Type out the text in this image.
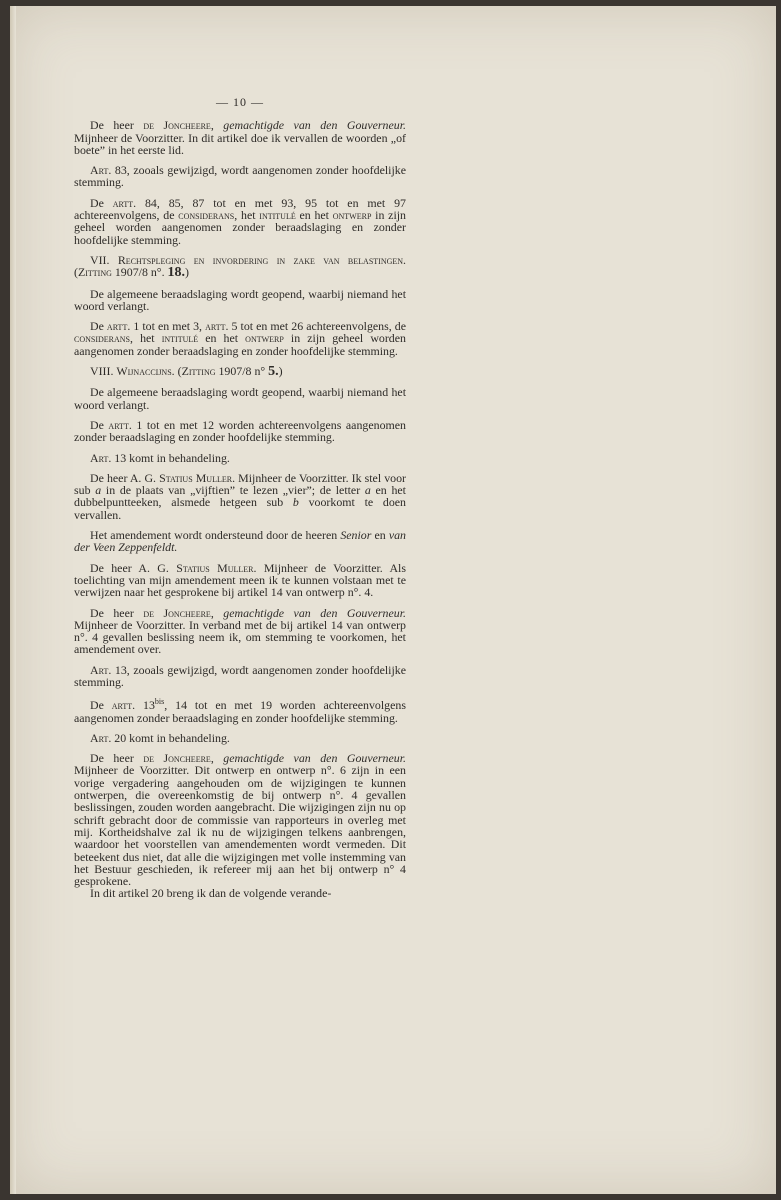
— 10 —

De heer de Joncheere, gemachtigde van den Gouverneur. Mijnheer de Voorzitter. In dit artikel doe ik vervallen de woorden „of boete” in het eerste lid.

Art. 83, zooals gewijzigd, wordt aangenomen zonder hoofdelijke stemming.

De artt. 84, 85, 87 tot en met 93, 95 tot en met 97 achtereenvolgens, de considerans, het intitulé en het ontwerp in zijn geheel worden aangenomen zonder beraadslaging en zonder hoofdelijke stemming.

VII. Rechtspleging en invordering in zake van belastingen. (Zitting 1907/8 n°. 18.)

De algemeene beraadslaging wordt geopend, waarbij niemand het woord verlangt.

De artt. 1 tot en met 3, artt. 5 tot en met 26 achtereenvolgens, de considerans, het intitulé en het ontwerp in zijn geheel worden aangenomen zonder beraadslaging en zonder hoofdelijke stemming.

VIII. Wijnaccijns. (Zitting 1907/8 n° 5.)

De algemeene beraadslaging wordt geopend, waarbij niemand het woord verlangt.

De artt. 1 tot en met 12 worden achtereenvolgens aangenomen zonder beraadslaging en zonder hoofdelijke stemming.

Art. 13 komt in behandeling.

De heer A. G. Statius Muller. Mijnheer de Voorzitter. Ik stel voor sub a in de plaats van „vijftien” te lezen „vier”; de letter a en het dubbelpuntteeken, alsmede hetgeen sub b voorkomt te doen vervallen.

Het amendement wordt ondersteund door de heeren Senior en van der Veen Zeppenfeldt.

De heer A. G. Statius Muller. Mijnheer de Voorzitter. Als toelichting van mijn amendement meen ik te kunnen volstaan met te verwijzen naar het gesprokene bij artikel 14 van ontwerp n°. 4.

De heer de Joncheere, gemachtigde van den Gouverneur. Mijnheer de Voorzitter. In verband met de bij artikel 14 van ontwerp n°. 4 gevallen beslissing neem ik, om stemming te voorkomen, het amendement over.

Art. 13, zooals gewijzigd, wordt aangenomen zonder hoofdelijke stemming.

De artt. $13^{bis}$, 14 tot en met 19 worden achtereenvolgens aangenomen zonder beraadslaging en zonder hoofdelijke stemming.

Art. 20 komt in behandeling.

De heer de Joncheere, gemachtigde van den Gouverneur. Mijnheer de Voorzitter. Dit ontwerp en ontwerp n°. 6 zijn in een vorige vergadering aangehouden om de wijzigingen te kunnen ontwerpen, die overeenkomstig de bij ontwerp n°. 4 gevallen beslissingen, zouden worden aangebracht. Die wijzigingen zijn nu op schrift gebracht door de commissie van rapporteurs in overleg met mij. Kortheidshalve zal ik nu de wijzigingen telkens aanbrengen, waardoor het voorstellen van amendementen wordt vermeden. Dit beteekent dus niet, dat alle die wijzigingen met volle instemming van het Bestuur geschieden, ik refereer mij aan het bij ontwerp n° 4 gesprokene.

In dit artikel 20 breng ik dan de volgende verande-
